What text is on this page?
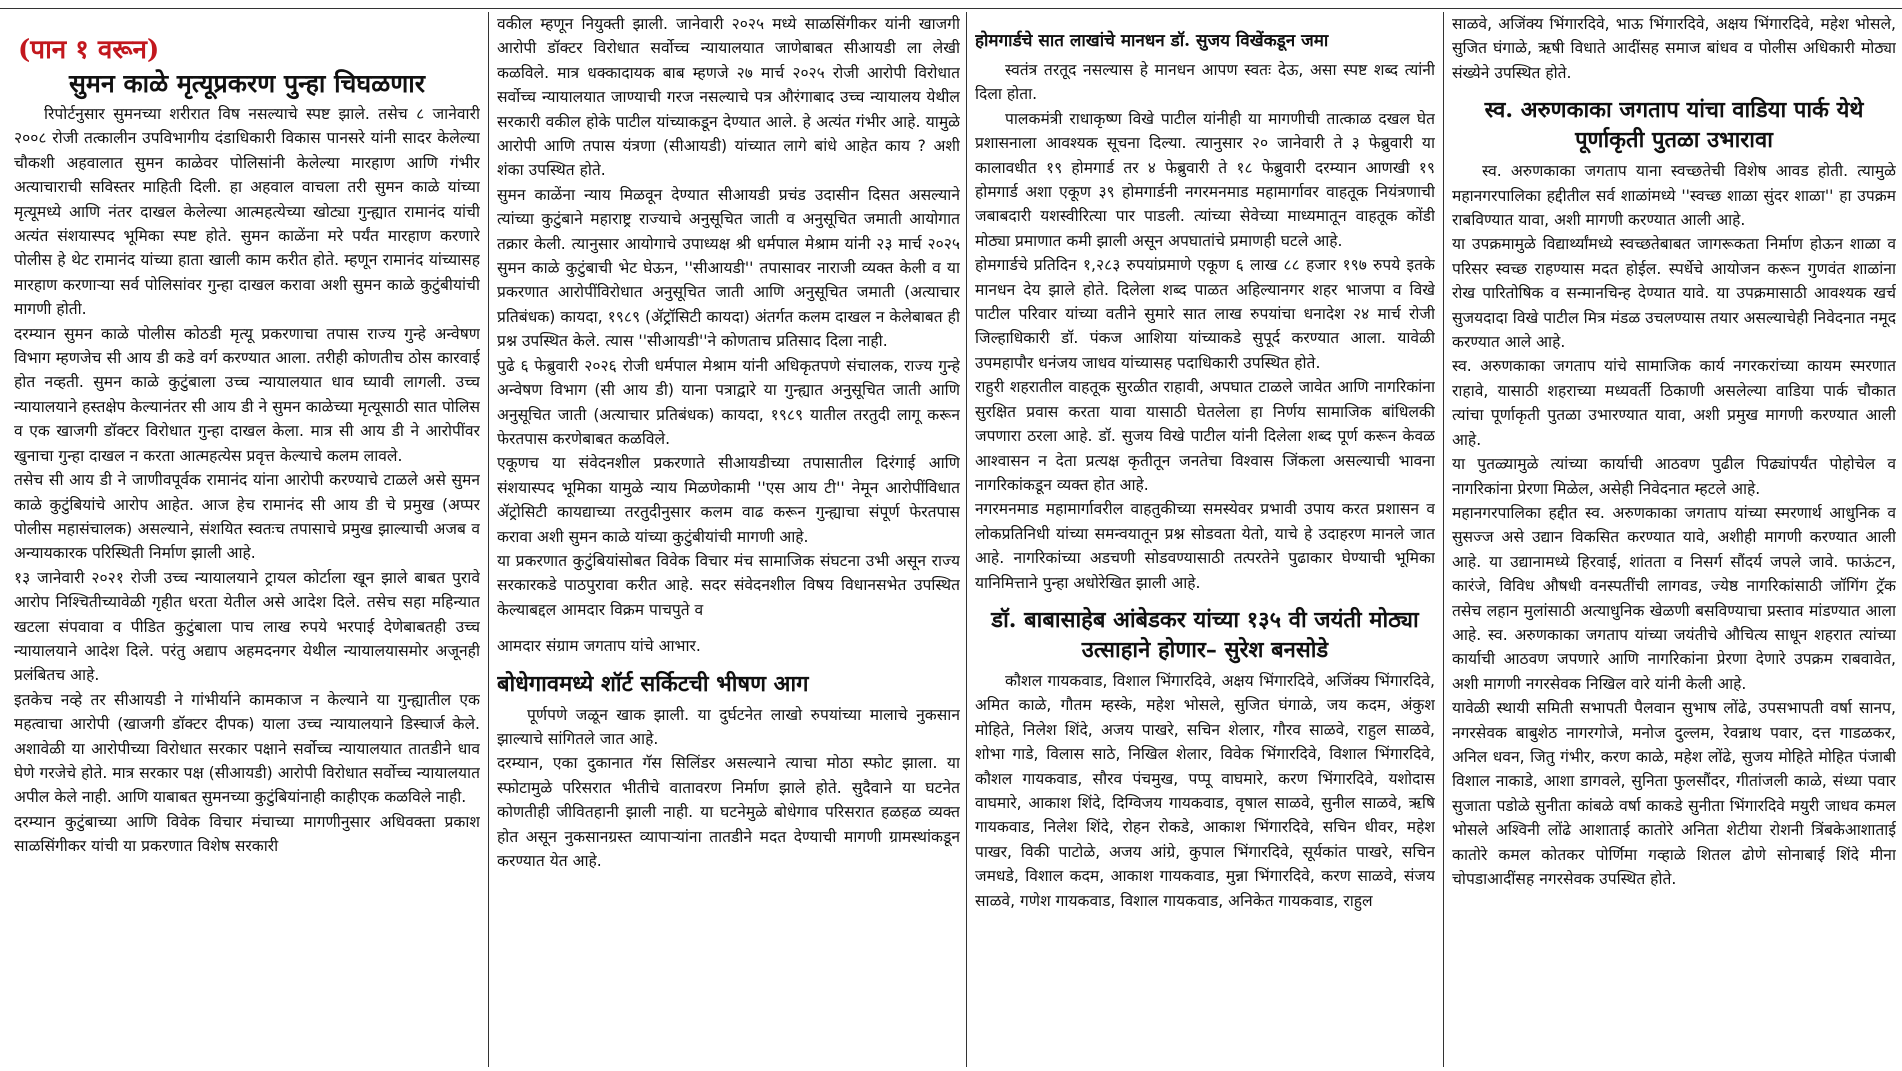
(पान १ वरून)
सुमन काळे मृत्यूप्रकरण पुन्हा चिघळणार

रिपोर्टनुसार सुमनच्या शरीरात विष नसल्याचे स्पष्ट झाले. तसेच ८ जानेवारी २००८ रोजी तत्कालीन उपविभागीय दंडाधिकारी विकास पानसरे यांनी सादर केलेल्या चौकशी अहवालात सुमन काळेवर पोलिसांनी केलेल्या मारहाण आणि गंभीर अत्याचाराची सविस्तर माहिती दिली. हा अहवाल वाचला तरी सुमन काळे यांच्या मृत्यूमध्ये आणि नंतर दाखल केलेल्या आत्महत्येच्या खोट्या गुन्ह्यात रामानंद यांची अत्यंत संशयास्पद भूमिका स्पष्ट होते. सुमन काळेंना मरे पर्यंत मारहाण करणारे पोलीस हे थेट रामानंद यांच्या हाता खाली काम करीत होते. म्हणून रामानंद यांच्यासह मारहाण करणाऱ्या सर्व पोलिसांवर गुन्हा दाखल करावा अशी सुमन काळे कुटुंबीयांची मागणी होती.

दरम्यान सुमन काळे पोलीस कोठडी मृत्यू प्रकरणाचा तपास राज्य गुन्हे अन्वेषण विभाग म्हणजेच सी आय डी कडे वर्ग करण्यात आला. तरीही कोणतीच ठोस कारवाई होत नव्हती. सुमन काळे कुटुंबाला उच्च न्यायालयात धाव घ्यावी लागली. उच्च न्यायालयाने हस्तक्षेप केल्यानंतर सी आय डी ने सुमन काळेच्या मृत्यूसाठी सात पोलिस व एक खाजगी डॉक्टर विरोधात गुन्हा दाखल केला. मात्र सी आय डी ने आरोपींवर खुनाचा गुन्हा दाखल न करता आत्महत्येस प्रवृत्त केल्याचे कलम लावले.

तसेच सी आय डी ने जाणीवपूर्वक रामानंद यांना आरोपी करण्याचे टाळले असे सुमन काळे कुटुंबियांचे आरोप आहेत. आज हेच रामानंद सी आय डी चे प्रमुख (अप्पर पोलीस महासंचालक) असल्याने, संशयित स्वतःच तपासाचे प्रमुख झाल्याची अजब व अन्यायकारक परिस्थिती निर्माण झाली आहे.

१३ जानेवारी २०२१ रोजी उच्च न्यायालयाने ट्रायल कोर्टाला खून झाले बाबत पुरावे आरोप निश्चितीच्यावेळी गृहीत धरता येतील असे आदेश दिले. तसेच सहा महिन्यात खटला संपवावा व पीडित कुटुंबाला पाच लाख रुपये भरपाई देणेबाबतही उच्च न्यायालयाने आदेश दिले. परंतु अद्याप अहमदनगर येथील न्यायालयासमोर अजूनही प्रलंबितच आहे.

इतकेच नव्हे तर सीआयडी ने गांभीर्याने कामकाज न केल्याने या गुन्ह्यातील एक महत्वाचा आरोपी (खाजगी डॉक्टर दीपक) याला उच्च न्यायालयाने डिस्चार्ज केले. अशावेळी या आरोपीच्या विरोधात सरकार पक्षाने सर्वोच्च न्यायालयात तातडीने धाव घेणे गरजेचे होते. मात्र सरकार पक्ष (सीआयडी) आरोपी विरोधात सर्वोच्च न्यायालयात अपील केले नाही. आणि याबाबत सुमनच्या कुटुंबियांनाही काहीएक कळविले नाही.

दरम्यान कुटुंबाच्या आणि विवेक विचार मंचाच्या मागणीनुसार अधिवक्ता प्रकाश साळसिंगीकर यांची या प्रकरणात विशेष सरकारी

वकील म्हणून नियुक्ती झाली. जानेवारी २०२५ मध्ये साळसिंगीकर यांनी खाजगी आरोपी डॉक्टर विरोधात सर्वोच्च न्यायालयात जाणेबाबत सीआयडी ला लेखी कळविले. मात्र धक्कादायक बाब म्हणजे २७ मार्च २०२५ रोजी आरोपी विरोधात सर्वोच्च न्यायालयात जाण्याची गरज नसल्याचे पत्र औरंगाबाद उच्च न्यायालय येथील सरकारी वकील होके पाटील यांच्याकडून देण्यात आले. हे अत्यंत गंभीर आहे. यामुळे आरोपी आणि तपास यंत्रणा (सीआयडी) यांच्यात लागे बांधे आहेत काय ? अशी शंका उपस्थित होते.

सुमन काळेंना न्याय मिळवून देण्यात सीआयडी प्रचंड उदासीन दिसत असल्याने त्यांच्या कुटुंबाने महाराष्ट्र राज्याचे अनुसूचित जाती व अनुसूचित जमाती आयोगात तक्रार केली. त्यानुसार आयोगाचे उपाध्यक्ष श्री धर्मपाल मेश्राम यांनी २३ मार्च २०२५ सुमन काळे कुटुंबाची भेट घेऊन, ''सीआयडी'' तपासावर नाराजी व्यक्त केली व या प्रकरणात आरोपींविरोधात अनुसूचित जाती आणि अनुसूचित जमाती (अत्याचार प्रतिबंधक) कायदा, १९८९ (ॲट्रॉसिटी कायदा) अंतर्गत कलम दाखल न केलेबाबत ही प्रश्न उपस्थित केले. त्यास ''सीआयडी''ने कोणताच प्रतिसाद दिला नाही.

पुढे ६ फेब्रुवारी २०२६ रोजी धर्मपाल मेश्राम यांनी अधिकृतपणे संचालक, राज्य गुन्हे अन्वेषण विभाग (सी आय डी) याना पत्राद्वारे या गुन्ह्यात अनुसूचित जाती आणि अनुसूचित जाती (अत्याचार प्रतिबंधक) कायदा, १९८९ यातील तरतुदी लागू करून फेरतपास करणेबाबत कळविले.

एकूणच या संवेदनशील प्रकरणाते सीआयडीच्या तपासातील दिरंगाई आणि संशयास्पद भूमिका यामुळे न्याय मिळणेकामी ''एस आय टी'' नेमून आरोपींविधात ॲट्रोसिटी कायद्याच्या तरतुदीनुसार कलम वाढ करून गुन्ह्याचा संपूर्ण फेरतपास करावा अशी सुमन काळे यांच्या कुटुंबीयांची मागणी आहे.

या प्रकरणात कुटुंबियांसोबत विवेक विचार मंच सामाजिक संघटना उभी असून राज्य सरकारकडे पाठपुरावा करीत आहे. सदर संवेदनशील विषय विधानसभेत उपस्थित केल्याबद्दल आमदार विक्रम पाचपुते व

आमदार संग्राम जगताप यांचे आभार.

बोधेगावमध्ये शॉर्ट सर्किटची भीषण आग

पूर्णपणे जळून खाक झाली. या दुर्घटनेत लाखो रुपयांच्या मालाचे नुकसान झाल्याचे सांगितले जात आहे.

दरम्यान, एका दुकानात गॅस सिलिंडर असल्याने त्याचा मोठा स्फोट झाला. या स्फोटामुळे परिसरात भीतीचे वातावरण निर्माण झाले होते. सुदैवाने या घटनेत कोणतीही जीवितहानी झाली नाही. या घटनेमुळे बोधेगाव परिसरात हळहळ व्यक्त होत असून नुकसानग्रस्त व्यापाऱ्यांना तातडीने मदत देण्याची मागणी ग्रामस्थांकडून करण्यात येत आहे.

होमगार्डचे सात लाखांचे मानधन डॉ. सुजय विखेंकडून जमा

स्वतंत्र तरतूद नसल्यास हे मानधन आपण स्वतः देऊ, असा स्पष्ट शब्द त्यांनी दिला होता.

पालकमंत्री राधाकृष्ण विखे पाटील यांनीही या मागणीची तात्काळ दखल घेत प्रशासनाला आवश्यक सूचना दिल्या. त्यानुसार २० जानेवारी ते ३ फेब्रुवारी या कालावधीत १९ होमगार्ड तर ४ फेब्रुवारी ते १८ फेब्रुवारी दरम्यान आणखी १९ होमगार्ड अशा एकूण ३९ होमगार्डनी नगरमनमाड महामार्गावर वाहतूक नियंत्रणाची जबाबदारी यशस्वीरित्या पार पाडली. त्यांच्या सेवेच्या माध्यमातून वाहतूक कोंडी मोठ्या प्रमाणात कमी झाली असून अपघातांचे प्रमाणही घटले आहे.

होमगार्डचे प्रतिदिन १,२८३ रुपयांप्रमाणे एकूण ६ लाख ८८ हजार १९७ रुपये इतके मानधन देय झाले होते. दिलेला शब्द पाळत अहिल्यानगर शहर भाजपा व विखे पाटील परिवार यांच्या वतीने सुमारे सात लाख रुपयांचा धनादेश २४ मार्च रोजी जिल्हाधिकारी डॉ. पंकज आशिया यांच्याकडे सुपूर्द करण्यात आला. यावेळी उपमहापौर धनंजय जाधव यांच्यासह पदाधिकारी उपस्थित होते.

राहुरी शहरातील वाहतूक सुरळीत राहावी, अपघात टाळले जावेत आणि नागरिकांना सुरक्षित प्रवास करता यावा यासाठी घेतलेला हा निर्णय सामाजिक बांधिलकी जपणारा ठरला आहे. डॉ. सुजय विखे पाटील यांनी दिलेला शब्द पूर्ण करून केवळ आश्वासन न देता प्रत्यक्ष कृतीतून जनतेचा विश्वास जिंकला असल्याची भावना नागरिकांकडून व्यक्त होत आहे.

नगरमनमाड महामार्गावरील वाहतुकीच्या समस्येवर प्रभावी उपाय करत प्रशासन व लोकप्रतिनिधी यांच्या समन्वयातून प्रश्न सोडवता येतो, याचे हे उदाहरण मानले जात आहे. नागरिकांच्या अडचणी सोडवण्यासाठी तत्परतेने पुढाकार घेण्याची भूमिका यानिमित्ताने पुन्हा अधोरेखित झाली आहे.

डॉ. बाबासाहेब आंबेडकर यांच्या १३५ वी जयंती मोठ्या उत्साहाने होणार– सुरेश बनसोडे

कौशल गायकवाड, विशाल भिंगारदिवे, अक्षय भिंगारदिवे, अजिंक्य भिंगारदिवे, अमित काळे, गौतम म्हस्के, महेश भोसले, सुजित घंगाळे, जय कदम, अंकुश मोहिते, निलेश शिंदे, अजय पाखरे, सचिन शेलार, गौरव साळवे, राहुल साळवे, शोभा गाडे, विलास साठे, निखिल शेलार, विवेक भिंगारदिवे, विशाल भिंगारदिवे, कौशल गायकवाड, सौरव पंचमुख, पप्पू वाघमारे, करण भिंगारदिवे, यशोदास वाघमारे, आकाश शिंदे, दिग्विजय गायकवाड, वृषाल साळवे, सुनील साळवे, ऋषि गायकवाड, निलेश शिंदे, रोहन रोकडे, आकाश भिंगारदिवे, सचिन धीवर, महेश पाखर, विकी पाटोळे, अजय आंग्रे, कुपाल भिंगारदिवे, सूर्यकांत पाखरे, सचिन जमधडे, विशाल कदम, आकाश गायकवाड, मुन्ना भिंगारदिवे, करण साळवे, संजय साळवे, गणेश गायकवाड, विशाल गायकवाड, अनिकेत गायकवाड, राहुल

साळवे, अजिंक्य भिंगारदिवे, भाऊ भिंगारदिवे, अक्षय भिंगारदिवे, महेश भोसले, सुजित घंगाळे, ऋषी विधाते आदींसह समाज बांधव व पोलीस अधिकारी मोठ्या संख्येने उपस्थित होते.

स्व. अरुणकाका जगताप यांचा वाडिया पार्क येथे पूर्णाकृती पुतळा उभारावा

स्व. अरुणकाका जगताप याना स्वच्छतेची विशेष आवड होती. त्यामुळे महानगरपालिका हद्दीतील सर्व शाळांमध्ये ''स्वच्छ शाळा सुंदर शाळा'' हा उपक्रम राबविण्यात यावा, अशी मागणी करण्यात आली आहे.

या उपक्रमामुळे विद्यार्थ्यांमध्ये स्वच्छतेबाबत जागरूकता निर्माण होऊन शाळा व परिसर स्वच्छ राहण्यास मदत होईल. स्पर्धेचे आयोजन करून गुणवंत शाळांना रोख पारितोषिक व सन्मानचिन्ह देण्यात यावे. या उपक्रमासाठी आवश्यक खर्च सुजयदादा विखे पाटील मित्र मंडळ उचलण्यास तयार असल्याचेही निवेदनात नमूद करण्यात आले आहे.

स्व. अरुणकाका जगताप यांचे सामाजिक कार्य नगरकरांच्या कायम स्मरणात राहावे, यासाठी शहराच्या मध्यवर्ती ठिकाणी असलेल्या वाडिया पार्क चौकात त्यांचा पूर्णाकृती पुतळा उभारण्यात यावा, अशी प्रमुख मागणी करण्यात आली आहे.

या पुतळ्यामुळे त्यांच्या कार्याची आठवण पुढील पिढ्यांपर्यंत पोहोचेल व नागरिकांना प्रेरणा मिळेल, असेही निवेदनात म्हटले आहे.

महानगरपालिका हद्दीत स्व. अरुणकाका जगताप यांच्या स्मरणार्थ आधुनिक व सुसज्ज असे उद्यान विकसित करण्यात यावे, अशीही मागणी करण्यात आली आहे. या उद्यानामध्ये हिरवाई, शांतता व निसर्ग सौंदर्य जपले जावे. फाऊंटन, कारंजे, विविध औषधी वनस्पतींची लागवड, ज्येष्ठ नागरिकांसाठी जॉगिंग ट्रॅक तसेच लहान मुलांसाठी अत्याधुनिक खेळणी बसविण्याचा प्रस्ताव मांडण्यात आला आहे. स्व. अरुणकाका जगताप यांच्या जयंतीचे औचित्य साधून शहरात त्यांच्या कार्याची आठवण जपणारे आणि नागरिकांना प्रेरणा देणारे उपक्रम राबवावेत, अशी मागणी नगरसेवक निखिल वारे यांनी केली आहे.

यावेळी स्थायी समिती सभापती पैलवान सुभाष लोंढे, उपसभापती वर्षा सानप, नगरसेवक बाबुशेठ नागरगोजे, मनोज दुल्लम, रेवन्नाथ पवार, दत्त गाडळकर, अनिल धवन, जितु गंभीर, करण काळे, महेश लोंढे, सुजय मोहिते मोहित पंजाबी विशाल नाकाडे, आशा डागवले, सुनिता फुलसौंदर, गीतांजली काळे, संध्या पवार सुजाता पडोळे सुनीता कांबळे वर्षा काकडे सुनीता भिंगारदिवे मयुरी जाधव कमल भोसले अश्विनी लोंढे आशाताई कातोरे अनिता शेटीया रोशनी त्रिंबकेआशाताई कातोरे कमल कोतकर पोर्णिमा गव्हाळे शितल ढोणे सोनाबाई शिंदे मीना चोपडाआदींसह नगरसेवक उपस्थित होते.
